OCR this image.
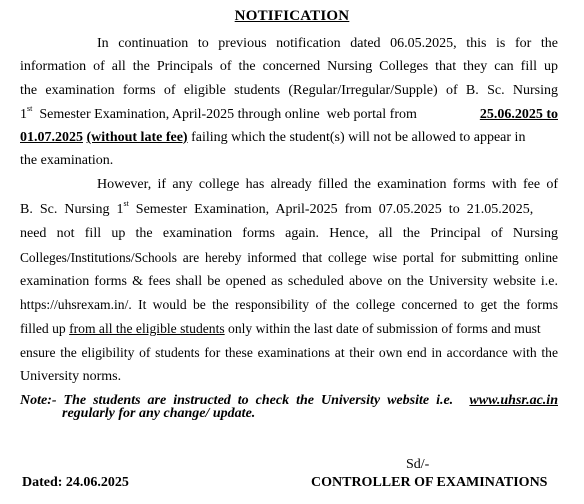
NOTIFICATION
In continuation to previous notification dated 06.05.2025, this is for the
information of all the Principals of the concerned Nursing Colleges that they can fill up
the examination forms of eligible students (Regular/Irregular/Supple) of B. Sc. Nursing
1st  Semester Examination, April-2025 through online  web portal from	25.06.2025 to
01.07.2025 (without late fee) failing which the student(s) will not be allowed to appear in
the examination.
However, if any college has already filled the examination forms with fee of
B.  Sc.  Nursing  1st  Semester  Examination,  April-2025  from  07.05.2025  to  21.05.2025,
need not fill up the examination forms again. Hence, all the Principal of Nursing
Colleges/Institutions/Schools are hereby informed that college wise portal for submitting online
examination forms & fees shall be opened as scheduled above on the University website i.e.
https://uhsrexam.in/. It would be the responsibility of the college concerned to get the forms
filled up from all the eligible students only within the last date of submission of forms and must
ensure the eligibility of students for these examinations at their own end in accordance with the
University norms.
Note:-  The  students  are  instructed  to  check  the  University  website  i.e. www.uhsr.ac.in
regularly for any change/ update.
Sd/-
Dated: 24.06.2025	CONTROLLER OF EXAMINATIONS
